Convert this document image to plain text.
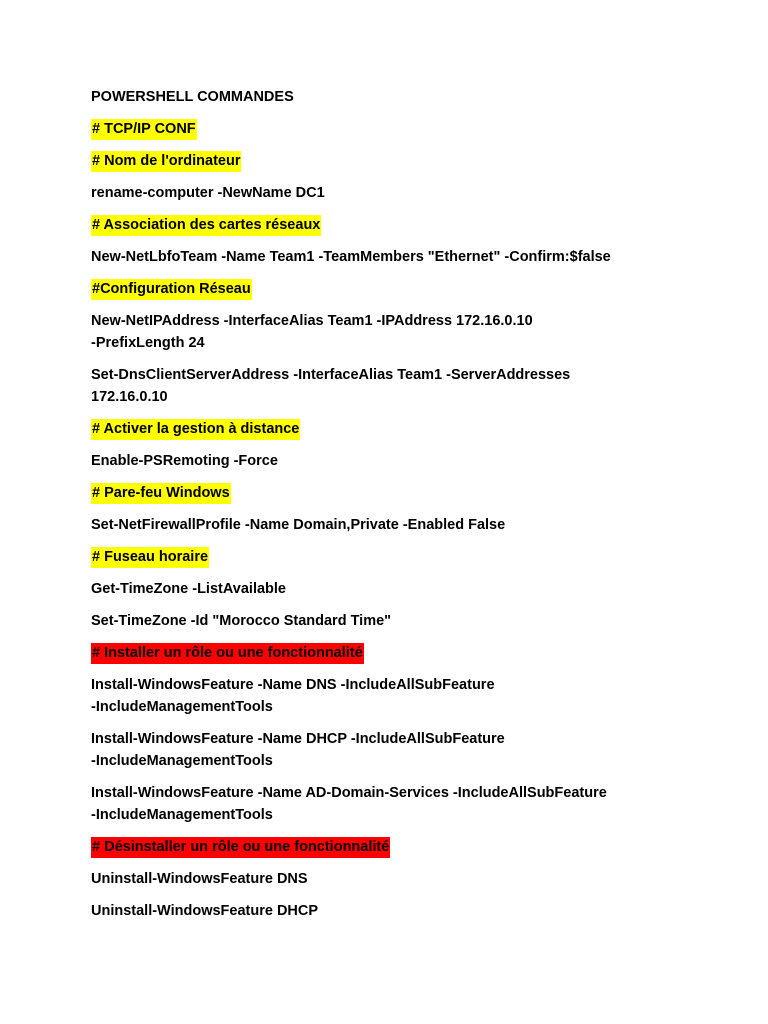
POWERSHELL COMMANDES
# TCP/IP CONF
# Nom de l'ordinateur
rename-computer -NewName DC1
# Association des cartes réseaux
New-NetLbfoTeam -Name Team1 -TeamMembers "Ethernet" -Confirm:$false
#Configuration Réseau
New-NetIPAddress -InterfaceAlias Team1 -IPAddress 172.16.0.10
-PrefixLength 24
Set-DnsClientServerAddress -InterfaceAlias Team1 -ServerAddresses
172.16.0.10
# Activer la gestion à distance
Enable-PSRemoting -Force
# Pare-feu Windows
Set-NetFirewallProfile -Name Domain,Private -Enabled False
# Fuseau horaire
Get-TimeZone -ListAvailable
Set-TimeZone -Id "Morocco Standard Time"
# Installer un rôle ou une fonctionnalité
Install-WindowsFeature -Name DNS -IncludeAllSubFeature
-IncludeManagementTools
Install-WindowsFeature -Name DHCP -IncludeAllSubFeature
-IncludeManagementTools
Install-WindowsFeature -Name AD-Domain-Services -IncludeAllSubFeature
-IncludeManagementTools
# Désinstaller un rôle ou une fonctionnalité
Uninstall-WindowsFeature DNS
Uninstall-WindowsFeature DHCP
